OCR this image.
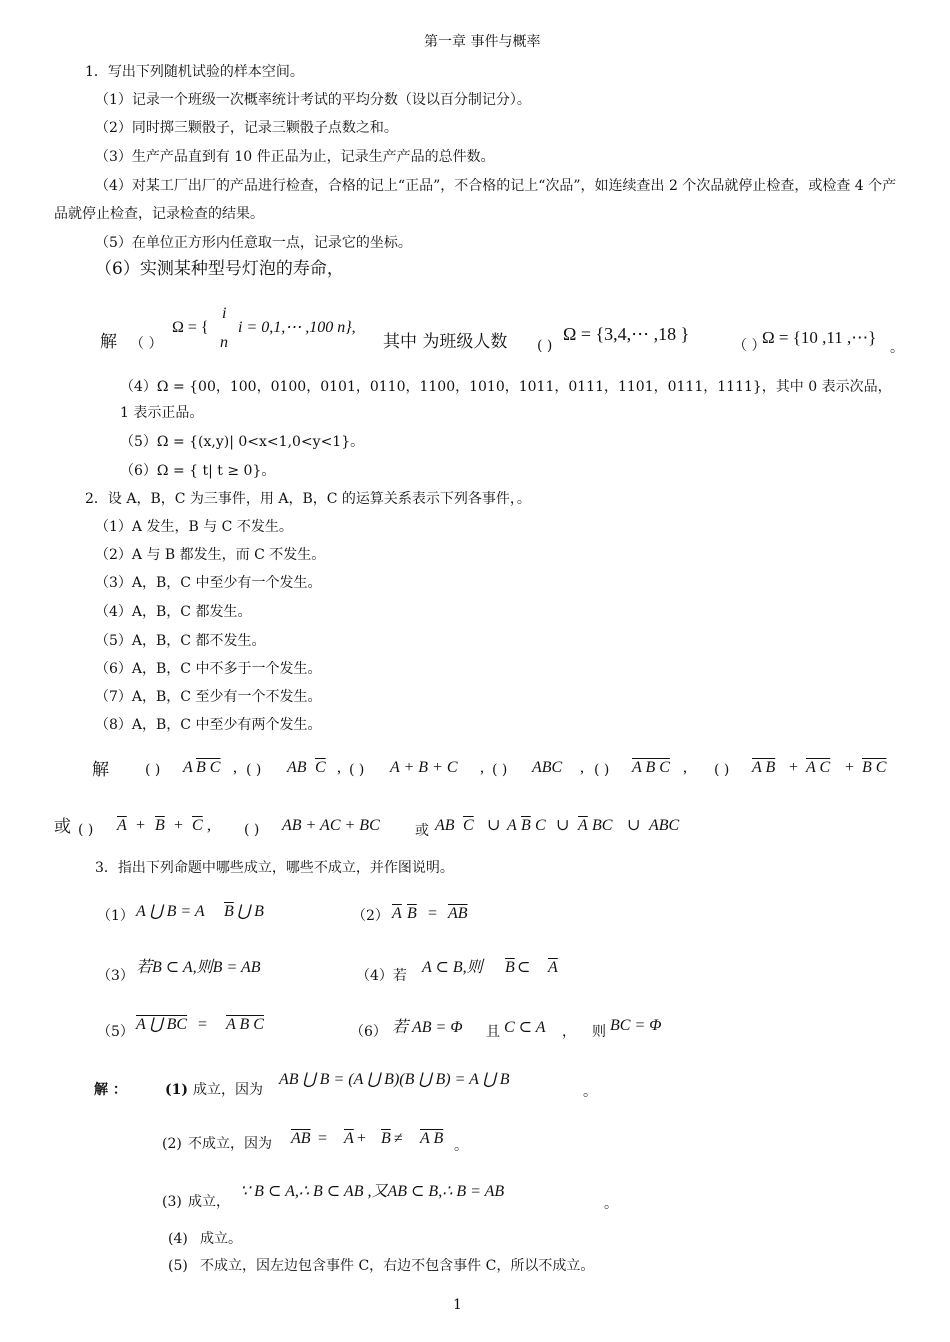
第一章 事件与概率
1．写出下列随机试验的样本空间。
（1）记录一个班级一次概率统计考试的平均分数（设以百分制记分）。
（2）同时掷三颗骰子，记录三颗骰子点数之和。
（3）生产产品直到有 10 件正品为止，记录生产产品的总件数。
（4）对某工厂出厂的产品进行检查，合格的记上“正品”，不合格的记上“次品”，如连续查出 2 个次品就停止检查，或检查 4 个产品就停止检查，记录检查的结果。
（5）在单位正方形内任意取一点，记录它的坐标。
（6）实测某种型号灯泡的寿命，
解 （ ）
Ω = {
i
n
i = 0,1,⋯ ,100 n},
其中 为班级人数 ( )
Ω = {3,4,⋯ ,18 }
（ ）
Ω = {10 ,11 ,⋯}
。
（4）Ω = {00，100，0100，0101，0110，1100，1010，1011，0111，1101，0111，1111}，其中 0 表示次品，
1 表示正品。
（5）Ω = {(x,y)| 0<x<1,0<y<1}。
（6）Ω = { t| t ≥ 0}。
2．设 A，B，C 为三事件，用 A，B，C 的运算关系表示下列各事件，。
（1）A 发生，B 与 C 不发生。
（2）A 与 B 都发生，而 C 不发生。
（3）A，B，C 中至少有一个发生。
（4）A，B，C 都发生。
（5）A，B，C 都不发生。
（6）A，B，C 中不多于一个发生。
（7）A，B，C 至少有一个不发生。
（8）A，B，C 中至少有两个发生。
解	( ) A B C , ( ) AB $\overline{C}$ , ( ) A + B + C , ( ) ABC , ( ) A B C , ( ) A B + A C + B C
或 ( ) $\overline{A} + \overline{B} + \overline{C}$ , ( ) AB + AC + BC	或 AB $\overline{C}$ ∪ A $\overline{B}$ C ∪ $\overline{A}$ BC ∪ ABC
3．指出下列命题中哪些成立，哪些不成立，并作图说明。
（1） A ⋃ B = A $\overline{B}$ ⋃ B	（2） $\overline{A}$ $\overline{B} = \overline{AB}$
（3） 若B ⊂ A,则B = AB	（4）若 A ⊂ B,则 $\overline{B}$ ⊂ $\overline{A}$
（5） A ⋃ BC = A B C	（6） 若 AB = Φ 且 C ⊂ A ， 则 BC = Φ
解 ：	(1) 成立，因为
AB ⋃ B = (A ⋃ B)(B ⋃ B) = A ⋃ B
。
(2) 不成立，因为 $\overline{AB} = \overline{A} + \overline{B} \ne A$ B 。
(3) 成立，
∵ B ⊂ A,∴ B ⊂ AB ,又AB ⊂ B,∴ B = AB
。
(4) 成立。
(5) 不成立，因左边包含事件 C，右边不包含事件 C，所以不成立。
1
